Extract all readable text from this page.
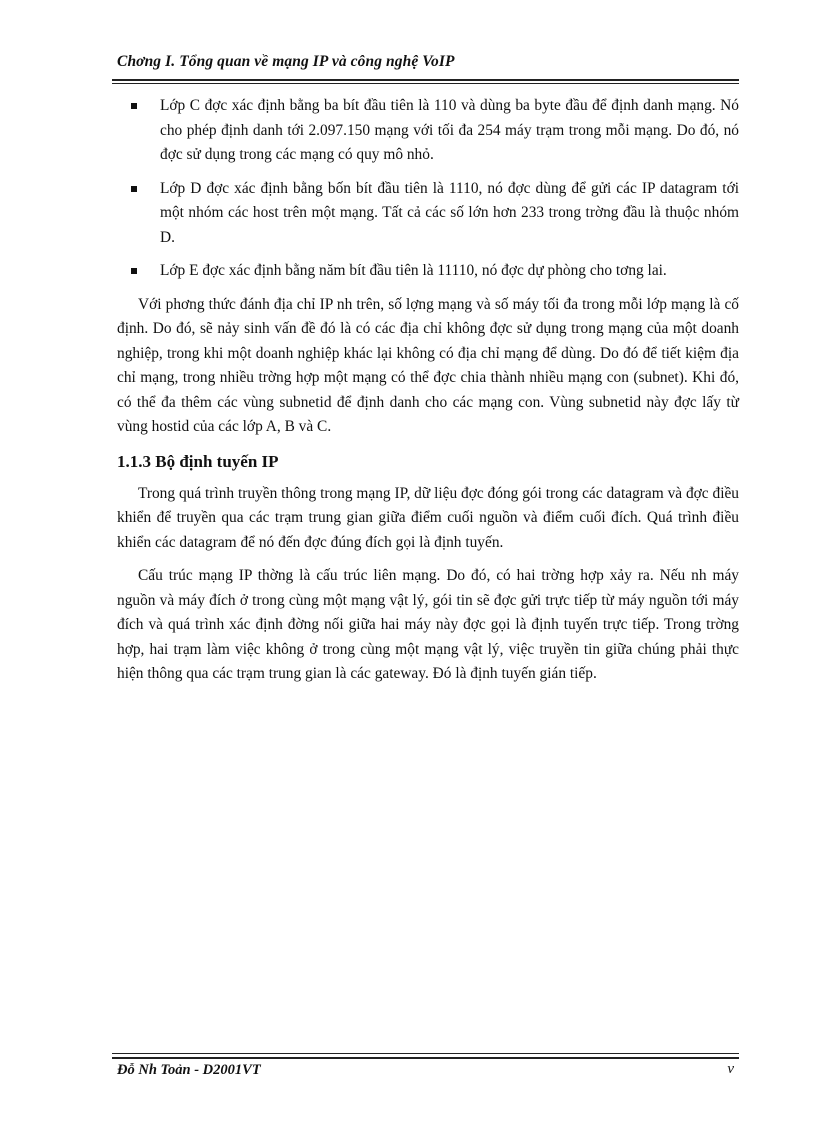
Chơng I. Tổng quan về mạng IP và công nghệ VoIP
Lớp C đợc xác định bằng ba bít đầu tiên là 110 và dùng ba byte đầu để định danh mạng. Nó cho phép định danh tới 2.097.150 mạng với tối đa 254 máy trạm trong mỗi mạng. Do đó, nó đợc sử dụng trong các mạng có quy mô nhỏ.
Lớp D đợc xác định bằng bốn bít đầu tiên là 1110, nó đợc dùng để gửi các IP datagram tới một nhóm các host trên một mạng. Tất cả các số lớn hơn 233 trong trờng đầu là thuộc nhóm D.
Lớp E đợc xác định bằng năm bít đầu tiên là 11110, nó đợc dự phòng cho tơng lai.

Với phơng thức đánh địa chỉ IP nh trên, số lợng mạng và số máy tối đa trong mỗi lớp mạng là cố định. Do đó, sẽ nảy sinh vấn đề đó là có các địa chỉ không đợc sử dụng trong mạng của một doanh nghiệp, trong khi một doanh nghiệp khác lại không có địa chỉ mạng để dùng. Do đó để tiết kiệm địa chỉ mạng, trong nhiều trờng hợp một mạng có thể đợc chia thành nhiều mạng con (subnet). Khi đó, có thể đa thêm các vùng subnetid để định danh cho các mạng con. Vùng subnetid này đợc lấy từ vùng hostid của các lớp A, B và C.

1.1.3 Bộ định tuyến IP

Trong quá trình truyền thông trong mạng IP, dữ liệu đợc đóng gói trong các datagram và đợc điều khiển để truyền qua các trạm trung gian giữa điểm cuối nguồn và điểm cuối đích. Quá trình điều khiển các datagram để nó đến đợc đúng đích gọi là định tuyến.

Cấu trúc mạng IP thờng là cấu trúc liên mạng. Do đó, có hai trờng hợp xảy ra. Nếu nh máy nguồn và máy đích ở trong cùng một mạng vật lý, gói tin sẽ đợc gửi trực tiếp từ máy nguồn tới máy đích và quá trình xác định đờng nối giữa hai máy này đợc gọi là định tuyến trực tiếp. Trong trờng hợp, hai trạm làm việc không ở trong cùng một mạng vật lý, việc truyền tin giữa chúng phải thực hiện thông qua các trạm trung gian là các gateway. Đó là định tuyến gián tiếp.

Đỗ Nh Toản - D2001VT	v
